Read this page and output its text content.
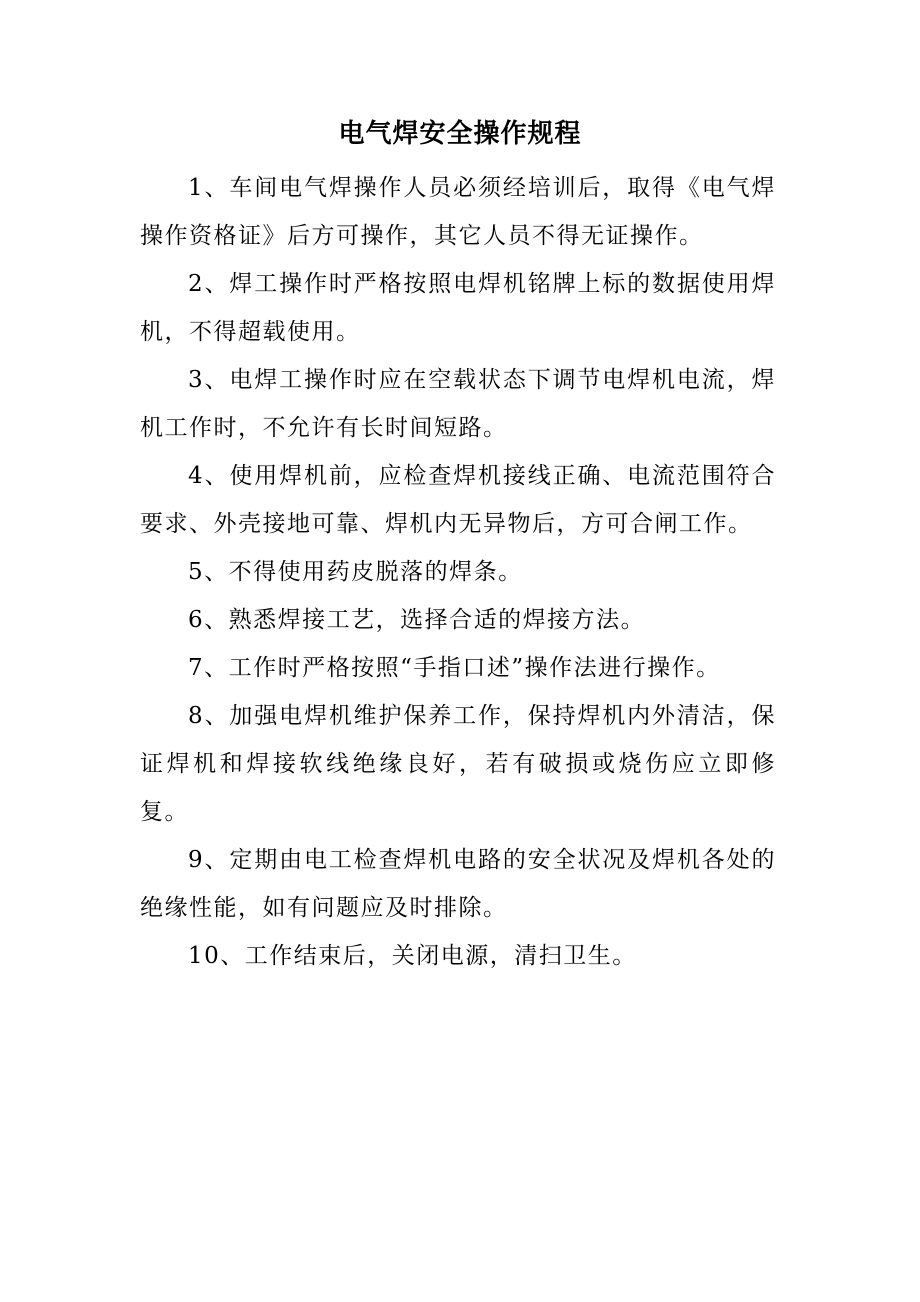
电气焊安全操作规程

1、车间电气焊操作人员必须经培训后，取得《电气焊操作资格证》后方可操作，其它人员不得无证操作。

2、焊工操作时严格按照电焊机铭牌上标的数据使用焊机，不得超载使用。

3、电焊工操作时应在空载状态下调节电焊机电流，焊机工作时，不允许有长时间短路。

4、使用焊机前，应检查焊机接线正确、电流范围符合要求、外壳接地可靠、焊机内无异物后，方可合闸工作。

5、不得使用药皮脱落的焊条。

6、熟悉焊接工艺，选择合适的焊接方法。

7、工作时严格按照“手指口述”操作法进行操作。

8、加强电焊机维护保养工作，保持焊机内外清洁，保证焊机和焊接软线绝缘良好，若有破损或烧伤应立即修复。

9、定期由电工检查焊机电路的安全状况及焊机各处的绝缘性能，如有问题应及时排除。

10、工作结束后，关闭电源，清扫卫生。
